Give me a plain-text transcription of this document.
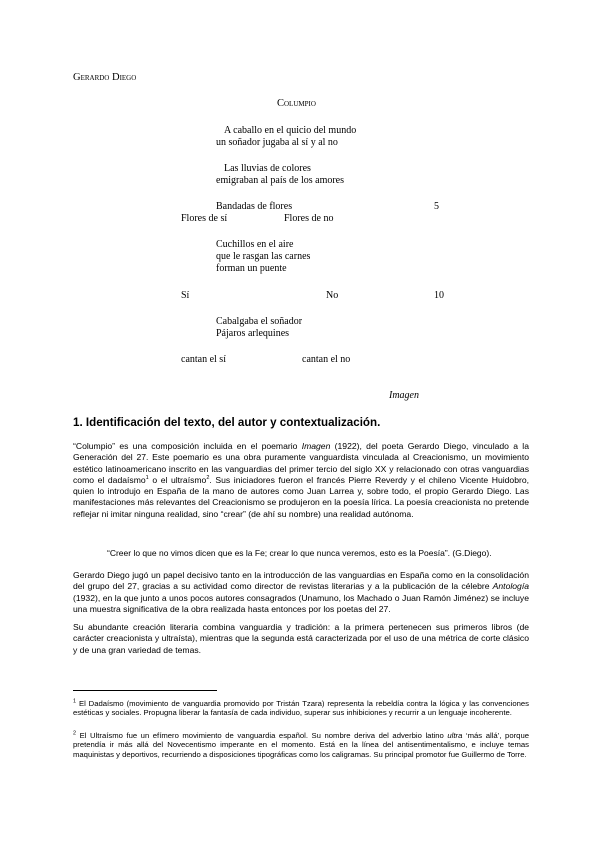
Gerardo Diego
Columpio
A caballo en el quicio del mundo
un soñador jugaba al sí y al no
Las lluvias de colores
emigraban al país de los amores
Bandadas de flores	5
Flores de sí	Flores de no
Cuchillos en el aire
que le rasgan las carnes
forman un puente
Sí	No	10
Cabalgaba el soñador
Pájaros arlequines
cantan el sí	cantan el no
Imagen
1. Identificación del texto, del autor y contextualización.
“Columpio” es una composición incluida en el poemario Imagen (1922), del poeta Gerardo Diego, vinculado a la Generación del 27. Este poemario es una obra puramente vanguardista vinculada al Creacionismo, un movimiento estético latinoamericano inscrito en las vanguardias del primer tercio del siglo XX y relacionado con otras vanguardias como el dadaísmo$^1$ o el ultraísmo$^2$. Sus iniciadores fueron el francés Pierre Reverdy y el chileno Vicente Huidobro, quien lo introdujo en España de la mano de autores como Juan Larrea y, sobre todo, el propio Gerardo Diego. Las manifestaciones más relevantes del Creacionismo se produjeron en la poesía lírica. La poesía creacionista no pretende reflejar ni imitar ninguna realidad, sino “crear” (de ahí su nombre) una realidad autónoma.
“Creer lo que no vimos dicen que es la Fe; crear lo que nunca veremos, esto es la Poesía”. (G.Diego).
Gerardo Diego jugó un papel decisivo tanto en la introducción de las vanguardias en España como en la consolidación del grupo del 27, gracias a su actividad como director de revistas literarias y a la publicación de la célebre Antología (1932), en la que junto a unos pocos autores consagrados (Unamuno, los Machado o Juan Ramón Jiménez) se incluye una muestra significativa de la obra realizada hasta entonces por los poetas del 27.
Su abundante creación literaria combina vanguardia y tradición: a la primera pertenecen sus primeros libros (de carácter creacionista y ultraísta), mientras que la segunda está caracterizada por el uso de una métrica de corte clásico y de una gran variedad de temas.
$^1$ El Dadaísmo (movimiento de vanguardia promovido por Tristán Tzara) representa la rebeldía contra la lógica y las convenciones estéticas y sociales. Propugna liberar la fantasía de cada individuo, superar sus inhibiciones y recurrir a un lenguaje incoherente.
$^2$ El Ultraísmo fue un efímero movimiento de vanguardia español. Su nombre deriva del adverbio latino ultra ‘más allá’, porque pretendía ir más allá del Novecentismo imperante en el momento. Está en la línea del antisentimentalismo, e incluye temas maquinistas y deportivos, recurriendo a disposiciones tipográficas como los caligramas. Su principal promotor fue Guillermo de Torre.
